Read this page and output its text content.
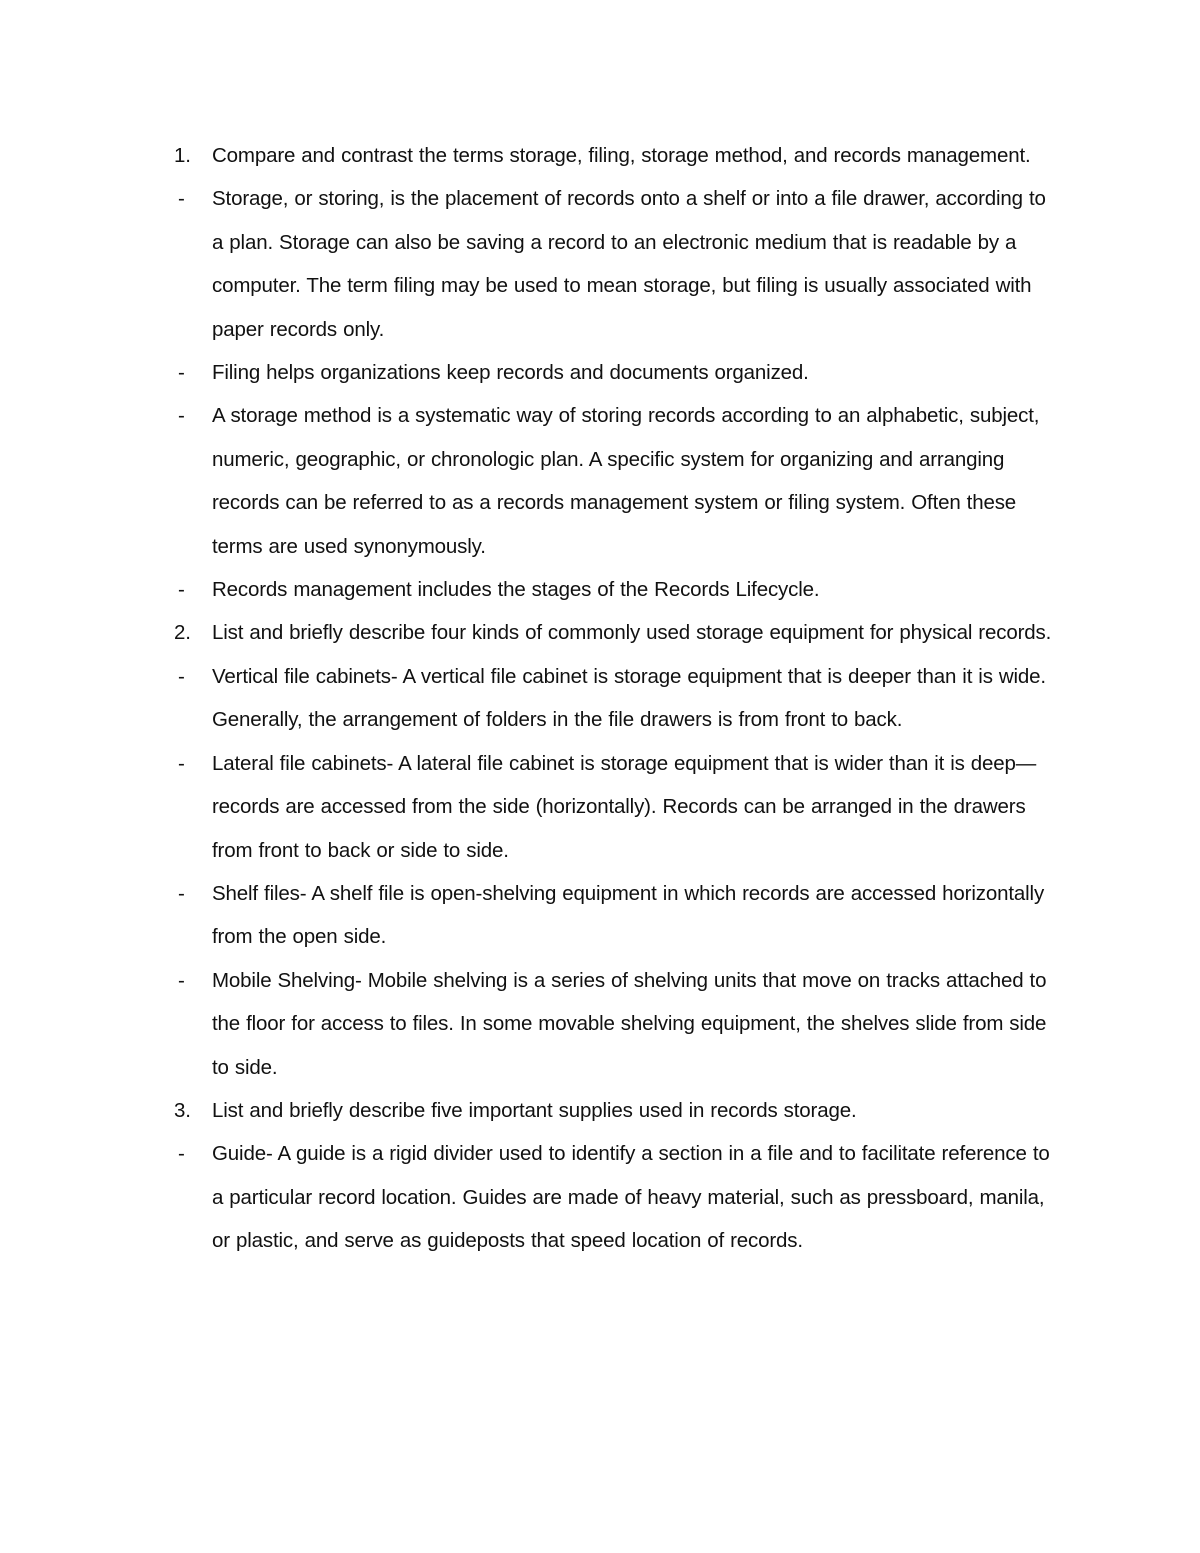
1.	Compare and contrast the terms storage, filing, storage method, and records management.
-	Storage, or storing, is the placement of records onto a shelf or into a file drawer, according to a plan. Storage can also be saving a record to an electronic medium that is readable by a computer. The term filing may be used to mean storage, but filing is usually associated with paper records only.
-	Filing helps organizations keep records and documents organized.
-	A storage method is a systematic way of storing records according to an alphabetic, subject, numeric, geographic, or chronologic plan. A specific system for organizing and arranging records can be referred to as a records management system or filing system. Often these terms are used synonymously.
-	Records management includes the stages of the Records Lifecycle.
2.	List and briefly describe four kinds of commonly used storage equipment for physical records.
-	Vertical file cabinets- A vertical file cabinet is storage equipment that is deeper than it is wide. Generally, the arrangement of folders in the file drawers is from front to back.
-	Lateral file cabinets- A lateral file cabinet is storage equipment that is wider than it is deep—records are accessed from the side (horizontally). Records can be arranged in the drawers from front to back or side to side.
-	Shelf files- A shelf file is open-shelving equipment in which records are accessed horizontally from the open side.
-	Mobile Shelving- Mobile shelving is a series of shelving units that move on tracks attached to the floor for access to files. In some movable shelving equipment, the shelves slide from side to side.
3.	List and briefly describe five important supplies used in records storage.
-	Guide- A guide is a rigid divider used to identify a section in a file and to facilitate reference to a particular record location. Guides are made of heavy material, such as pressboard, manila, or plastic, and serve as guideposts that speed location of records.
